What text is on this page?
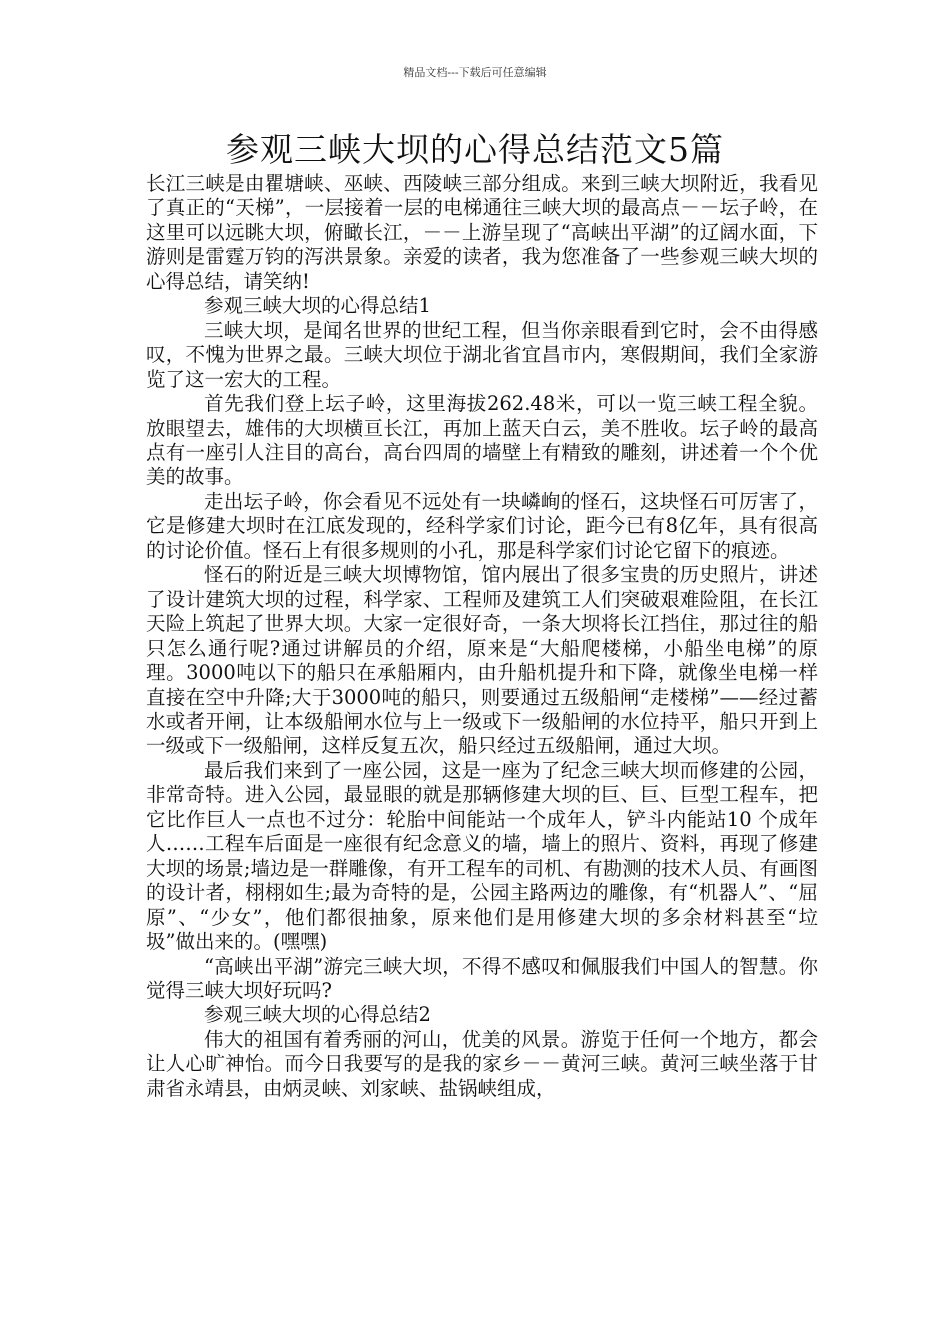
精品文档---下载后可任意编辑
参观三峡大坝的心得总结范文5篇

长江三峡是由瞿塘峡、巫峡、西陵峡三部分组成。来到三峡大坝附近，我看见了真正的“天梯”，一层接着一层的电梯通往三峡大坝的最高点－－坛子岭，在这里可以远眺大坝，俯瞰长江，－－上游呈现了“高峡出平湖”的辽阔水面，下游则是雷霆万钧的泻洪景象。亲爱的读者，我为您准备了一些参观三峡大坝的心得总结，请笑纳!

参观三峡大坝的心得总结1

三峡大坝，是闻名世界的世纪工程，但当你亲眼看到它时，会不由得感叹，不愧为世界之最。三峡大坝位于湖北省宜昌市内，寒假期间，我们全家游览了这一宏大的工程。

首先我们登上坛子岭，这里海拔262.48米，可以一览三峡工程全貌。放眼望去，雄伟的大坝横亘长江，再加上蓝天白云，美不胜收。坛子岭的最高点有一座引人注目的高台，高台四周的墙壁上有精致的雕刻，讲述着一个个优美的故事。

走出坛子岭，你会看见不远处有一块嶙峋的怪石，这块怪石可厉害了，它是修建大坝时在江底发现的，经科学家们讨论，距今已有8亿年，具有很高的讨论价值。怪石上有很多规则的小孔，那是科学家们讨论它留下的痕迹。

怪石的附近是三峡大坝博物馆，馆内展出了很多宝贵的历史照片，讲述了设计建筑大坝的过程，科学家、工程师及建筑工人们突破艰难险阻，在长江天险上筑起了世界大坝。大家一定很好奇，一条大坝将长江挡住，那过往的船只怎么通行呢?通过讲解员的介绍，原来是“大船爬楼梯，小船坐电梯”的原理。3000吨以下的船只在承船厢内，由升船机提升和下降，就像坐电梯一样直接在空中升降;大于3000吨的船只，则要通过五级船闸“走楼梯”——经过蓄水或者开闸，让本级船闸水位与上一级或下一级船闸的水位持平，船只开到上一级或下一级船闸，这样反复五次，船只经过五级船闸，通过大坝。

最后我们来到了一座公园，这是一座为了纪念三峡大坝而修建的公园，非常奇特。进入公园，最显眼的就是那辆修建大坝的巨、巨、巨型工程车，把它比作巨人一点也不过分：轮胎中间能站一个成年人，铲斗内能站10 个成年人……工程车后面是一座很有纪念意义的墙，墙上的照片、资料，再现了修建大坝的场景;墙边是一群雕像，有开工程车的司机、有勘测的技术人员、有画图的设计者，栩栩如生;最为奇特的是，公园主路两边的雕像，有“机器人”、“屈原”、“少女”，他们都很抽象，原来他们是用修建大坝的多余材料甚至“垃圾”做出来的。(嘿嘿)

“高峡出平湖”游完三峡大坝，不得不感叹和佩服我们中国人的智慧。你觉得三峡大坝好玩吗?

参观三峡大坝的心得总结2

伟大的祖国有着秀丽的河山，优美的风景。游览于任何一个地方，都会让人心旷神怡。而今日我要写的是我的家乡－－黄河三峡。黄河三峡坐落于甘肃省永靖县，由炳灵峡、刘家峡、盐锅峡组成，
